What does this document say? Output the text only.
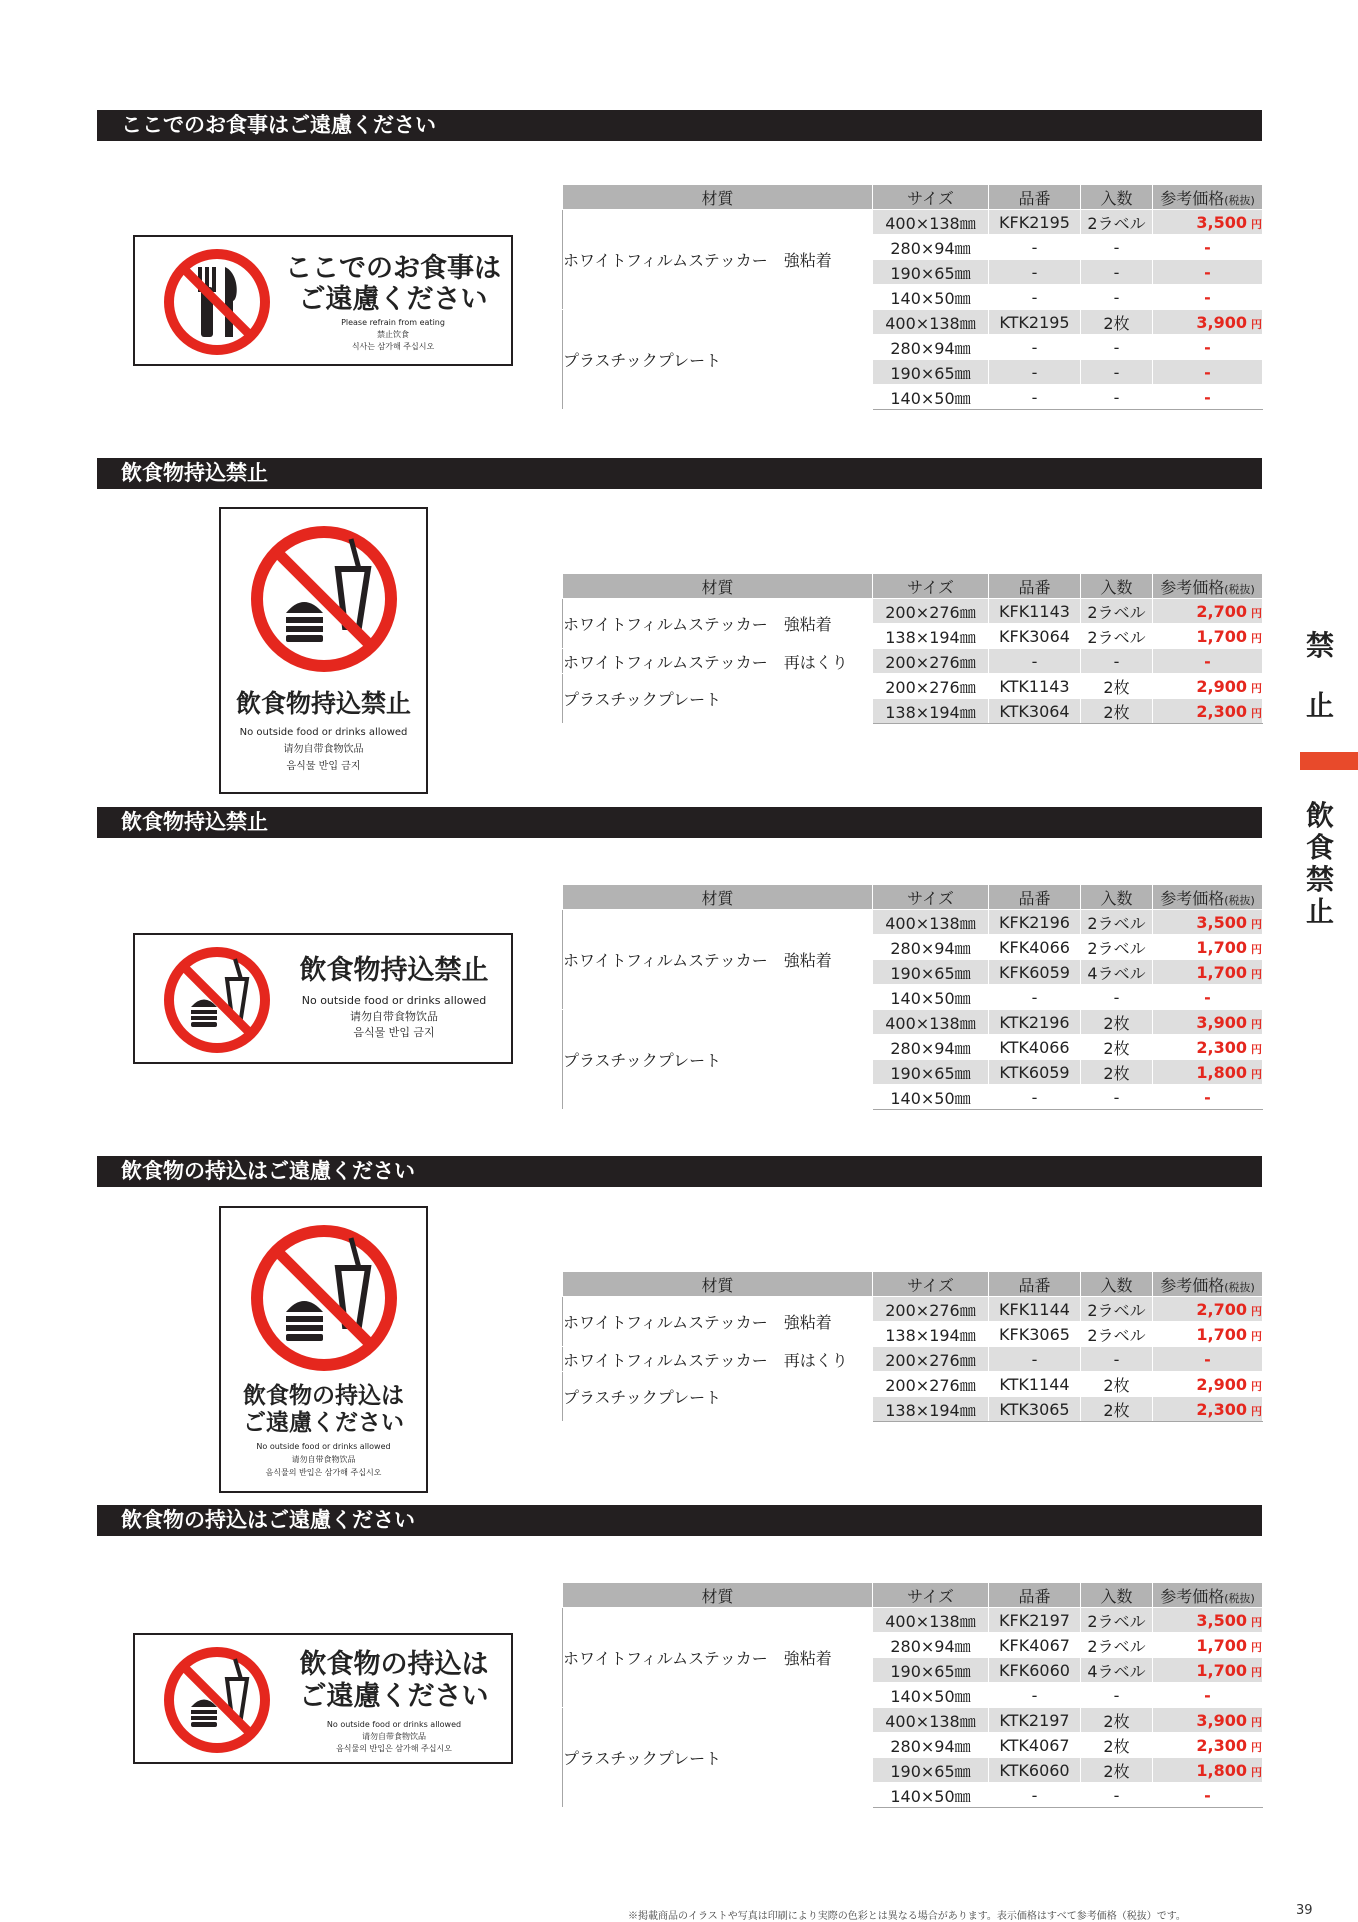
ここでのお食事はご遠慮ください
飲食物持込禁止
飲食物持込禁止
飲食物の持込はご遠慮ください
飲食物の持込はご遠慮ください
ここでのお食事は
ご遠慮ください
Please refrain from eating
禁止饮食
식사는 삼가해 주십시오
飲食物持込禁止
No outside food or drinks allowed
请勿自带食物饮品
음식물 반입 금지
飲食物持込禁止
No outside food or drinks allowed
请勿自带食物饮品
음식물 반입 금지
飲食物の持込は
ご遠慮ください
No outside food or drinks allowed
请勿自带食物饮品
음식물의 반입은 삼가해 주십시오
飲食物の持込は
ご遠慮ください
No outside food or drinks allowed
请勿自带食物饮品
음식물의 반입은 삼가해 주십시오
材質	サイズ	品番	入数	参考価格(税抜)
ホワイトフィルムステッカー　強粘着	400×138㎜	KFK2195	2ラベル	3,500 円
	280×94㎜	-	-	-
	190×65㎜	-	-	-
	140×50㎜	-	-	-
プラスチックプレート	400×138㎜	KTK2195	2枚	3,900 円
	280×94㎜	-	-	-
	190×65㎜	-	-	-
	140×50㎜	-	-	-
材質	サイズ	品番	入数	参考価格(税抜)
ホワイトフィルムステッカー　強粘着	200×276㎜	KFK1143	2ラベル	2,700 円
	138×194㎜	KFK3064	2ラベル	1,700 円
ホワイトフィルムステッカー　再はくり	200×276㎜	-	-	-
プラスチックプレート	200×276㎜	KTK1143	2枚	2,900 円
	138×194㎜	KTK3064	2枚	2,300 円
材質	サイズ	品番	入数	参考価格(税抜)
ホワイトフィルムステッカー　強粘着	400×138㎜	KFK2196	2ラベル	3,500 円
	280×94㎜	KFK4066	2ラベル	1,700 円
	190×65㎜	KFK6059	4ラベル	1,700 円
	140×50㎜	-	-	-
プラスチックプレート	400×138㎜	KTK2196	2枚	3,900 円
	280×94㎜	KTK4066	2枚	2,300 円
	190×65㎜	KTK6059	2枚	1,800 円
	140×50㎜	-	-	-
材質	サイズ	品番	入数	参考価格(税抜)
ホワイトフィルムステッカー　強粘着	200×276㎜	KFK1144	2ラベル	2,700 円
	138×194㎜	KFK3065	2ラベル	1,700 円
ホワイトフィルムステッカー　再はくり	200×276㎜	-	-	-
プラスチックプレート	200×276㎜	KTK1144	2枚	2,900 円
	138×194㎜	KTK3065	2枚	2,300 円
材質	サイズ	品番	入数	参考価格(税抜)
ホワイトフィルムステッカー　強粘着	400×138㎜	KFK2197	2ラベル	3,500 円
	280×94㎜	KFK4067	2ラベル	1,700 円
	190×65㎜	KFK6060	4ラベル	1,700 円
	140×50㎜	-	-	-
プラスチックプレート	400×138㎜	KTK2197	2枚	3,900 円
	280×94㎜	KTK4067	2枚	2,300 円
	190×65㎜	KTK6060	2枚	1,800 円
	140×50㎜	-	-	-
禁
止
飲
食
禁
止
※掲載商品のイラストや写真は印刷により実際の色彩とは異なる場合があります。表示価格はすべて参考価格（税抜）です。	39
